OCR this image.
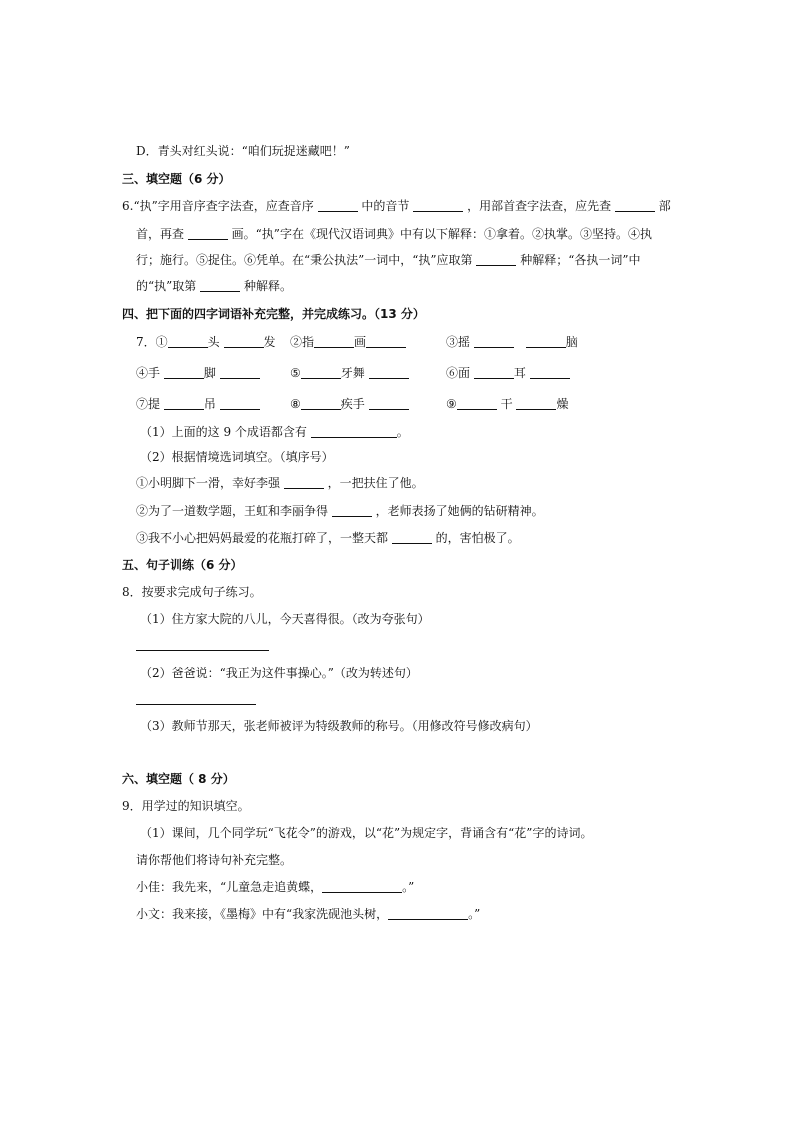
D．青头对红头说：“咱们玩捉迷藏吧！”
三、填空题（6 分）
6.“执”字用音序查字法查，应查音序	中的音节	，用部首查字法查，应先查	部
首，再查	画。“执”字在《现代汉语词典》中有以下解释：①拿着。②执掌。③坚持。④执
行；施行。⑤捉住。⑥凭单。在“秉公执法”一词中，“执”应取第	种解释；“各执一词”中
的“执”取第	种解释。
四、把下面的四字词语补充完整，并完成练习。（13 分）
7．①	头	发 ②指	画	③摇	脑
④手	脚	⑤	牙舞	⑥面	耳
⑦提	吊	⑧	疾手	⑨	干	燥
（1）上面的这 9 个成语都含有	。
（2）根据情境选词填空。（填序号）
①小明脚下一滑，幸好李强	，一把扶住了他。
②为了一道数学题，王虹和李丽争得	，老师表扬了她俩的钻研精神。
③我不小心把妈妈最爱的花瓶打碎了，一整天都	的，害怕极了。
五、句子训练（6 分）
8．按要求完成句子练习。
（1）住方家大院的八儿，今天喜得很。（改为夸张句）
（2）爸爸说：“我正为这件事操心。”（改为转述句）
（3）教师节那天，张老师被评为特级教师的称号。（用修改符号修改病句）
六、填空题（ 8 分）
9．用学过的知识填空。
（1）课间，几个同学玩“飞花令”的游戏，以“花”为规定字，背诵含有“花”字的诗词。
请你帮他们将诗句补充完整。
小佳：我先来，“儿童急走追黄蝶，	。”
小文：我来接，《墨梅》中有“我家洗砚池头树，	。”
